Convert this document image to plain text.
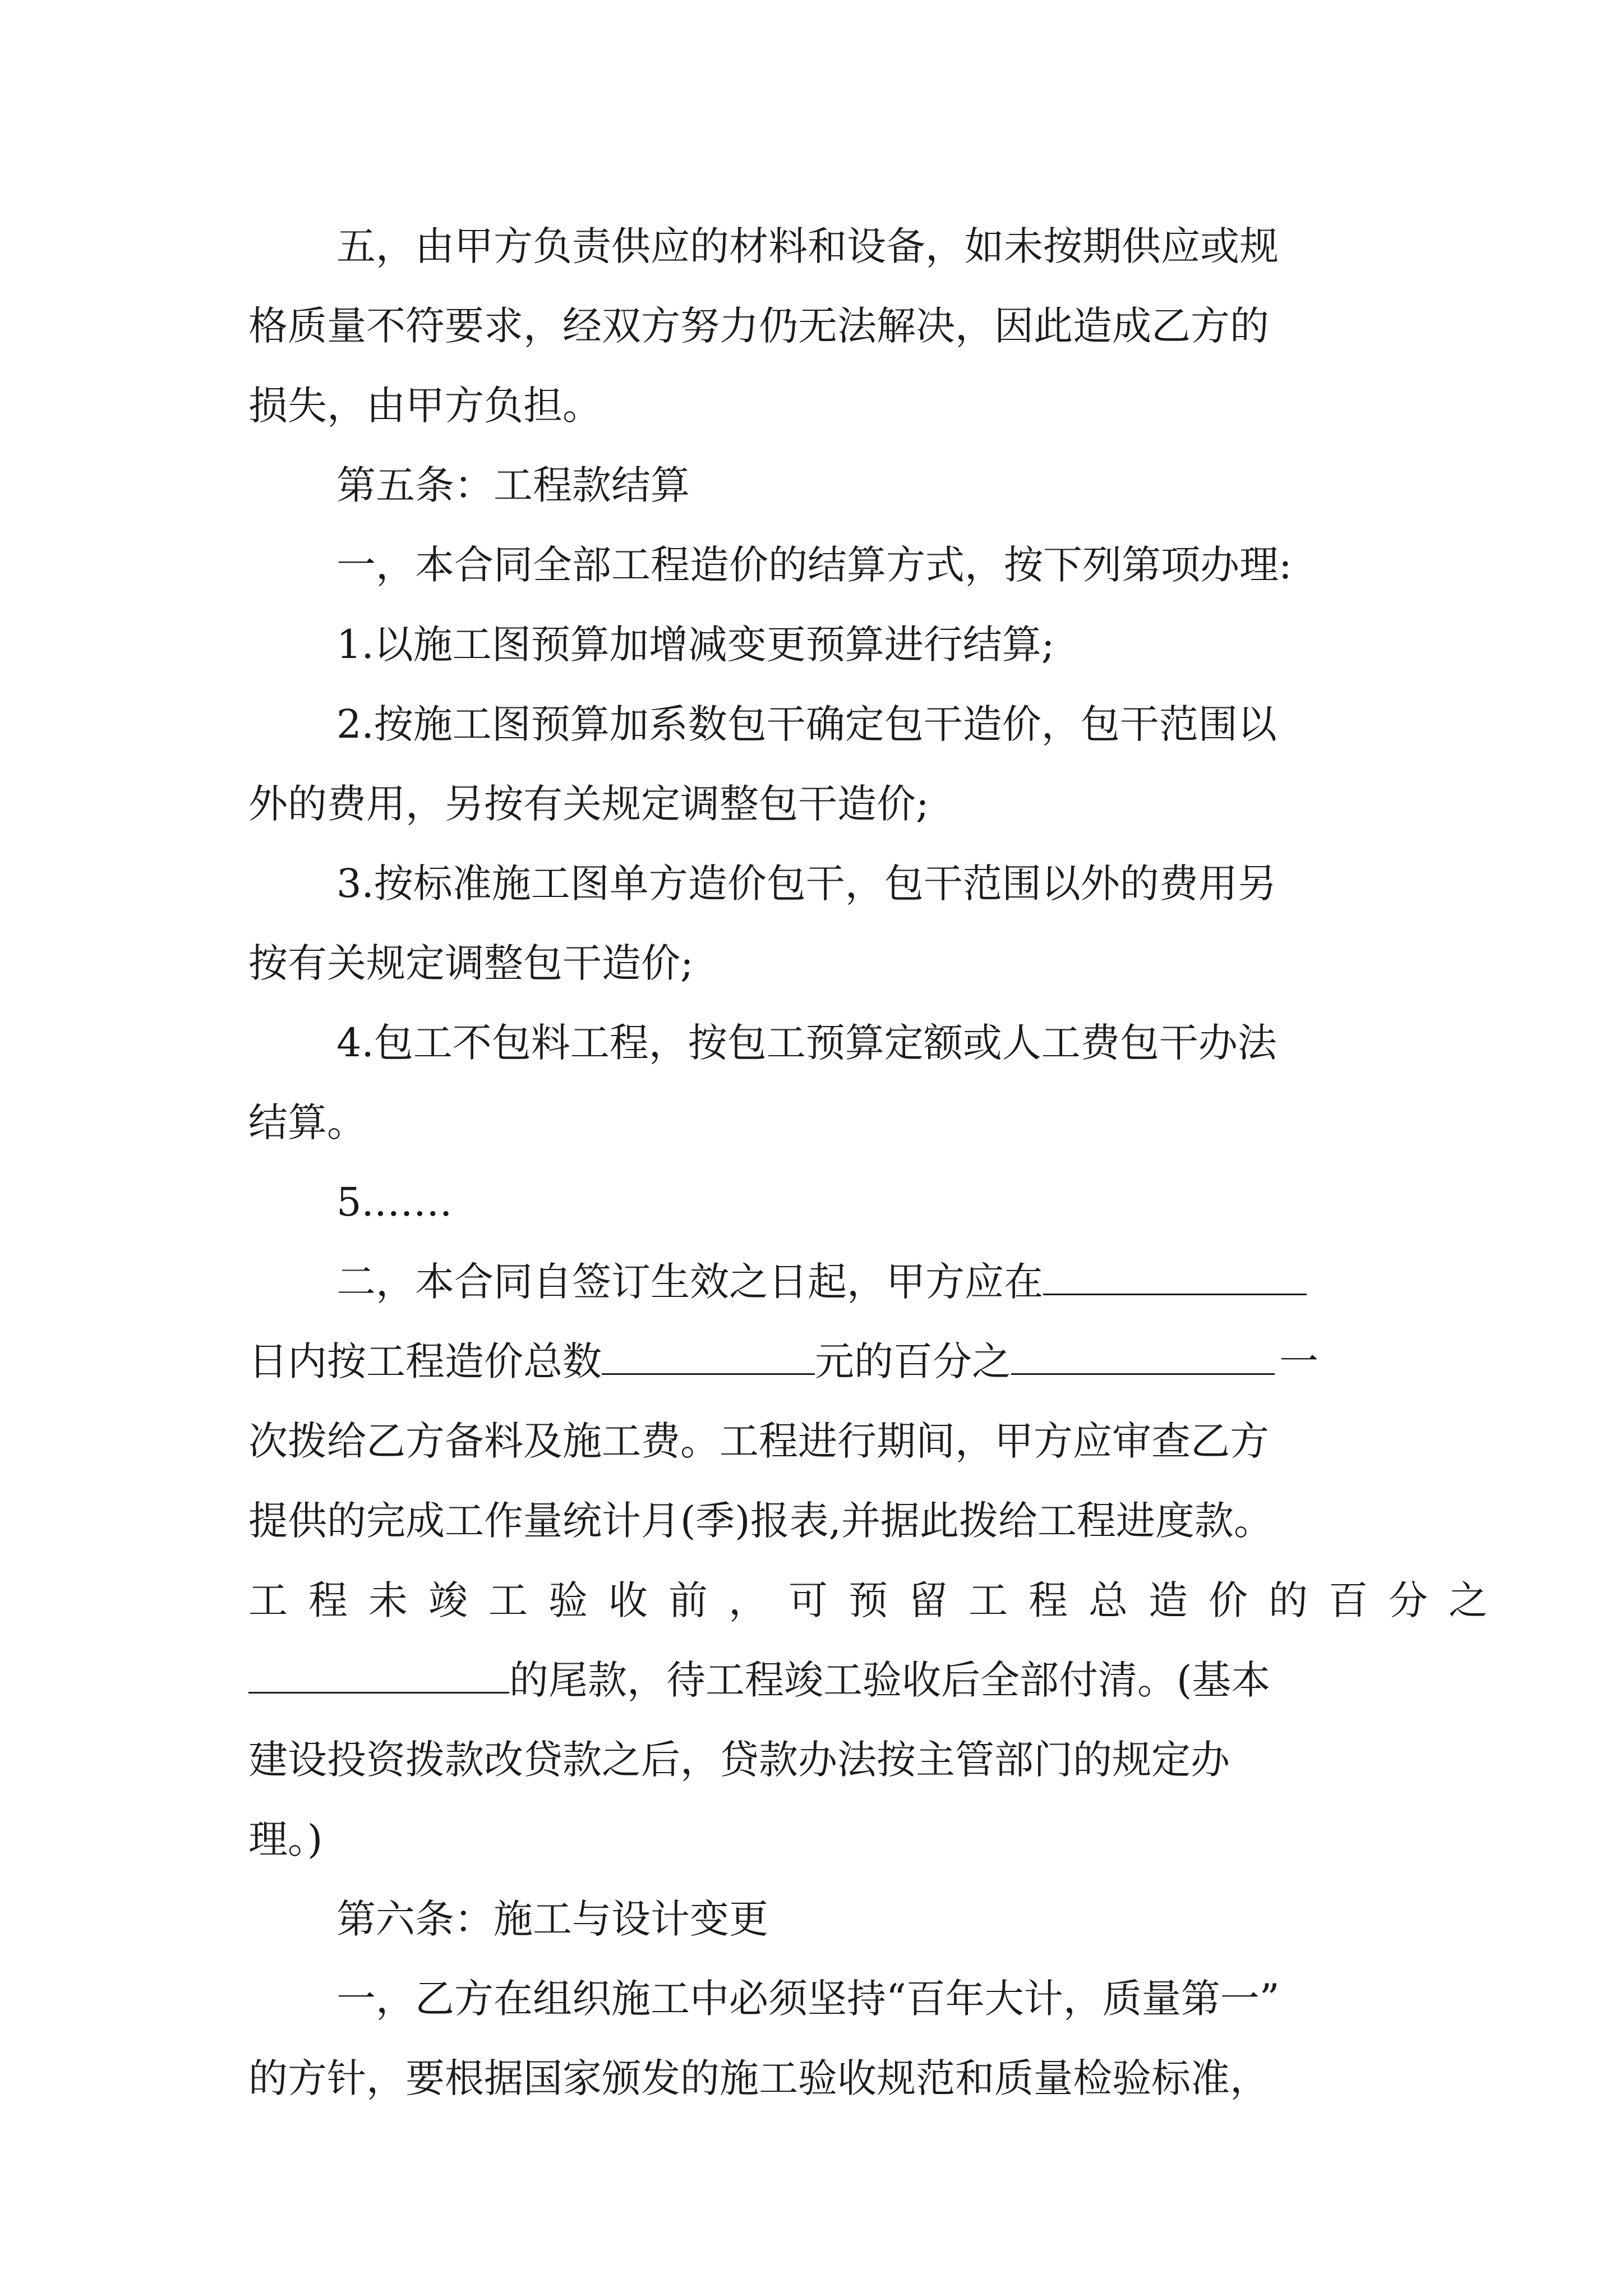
五，由甲方负责供应的材料和设备，如未按期供应或规
格质量不符要求，经双方努力仍无法解决，因此造成乙方的
损失，由甲方负担。
第五条：工程款结算
一，本合同全部工程造价的结算方式，按下列第项办理:
1.以施工图预算加增减变更预算进行结算;
2.按施工图预算加系数包干确定包干造价，包干范围以
外的费用，另按有关规定调整包干造价;
3.按标准施工图单方造价包干，包干范围以外的费用另
按有关规定调整包干造价;
4.包工不包料工程，按包工预算定额或人工费包干办法
结算。
5.……
二，本合同自签订生效之日起，甲方应在
日内按工程造价总数	元的百分之	一
次拨给乙方备料及施工费。工程进行期间，甲方应审查乙方
提供的完成工作量统计月(季)报表,并据此拨给工程进度款。
工程未竣工验收前，可预留工程总造价的百分之
的尾款，待工程竣工验收后全部付清。(基本
建设投资拨款改贷款之后，贷款办法按主管部门的规定办
理。)
第六条：施工与设计变更
一，乙方在组织施工中必须坚持“百年大计，质量第一”
的方针，要根据国家颁发的施工验收规范和质量检验标准，
